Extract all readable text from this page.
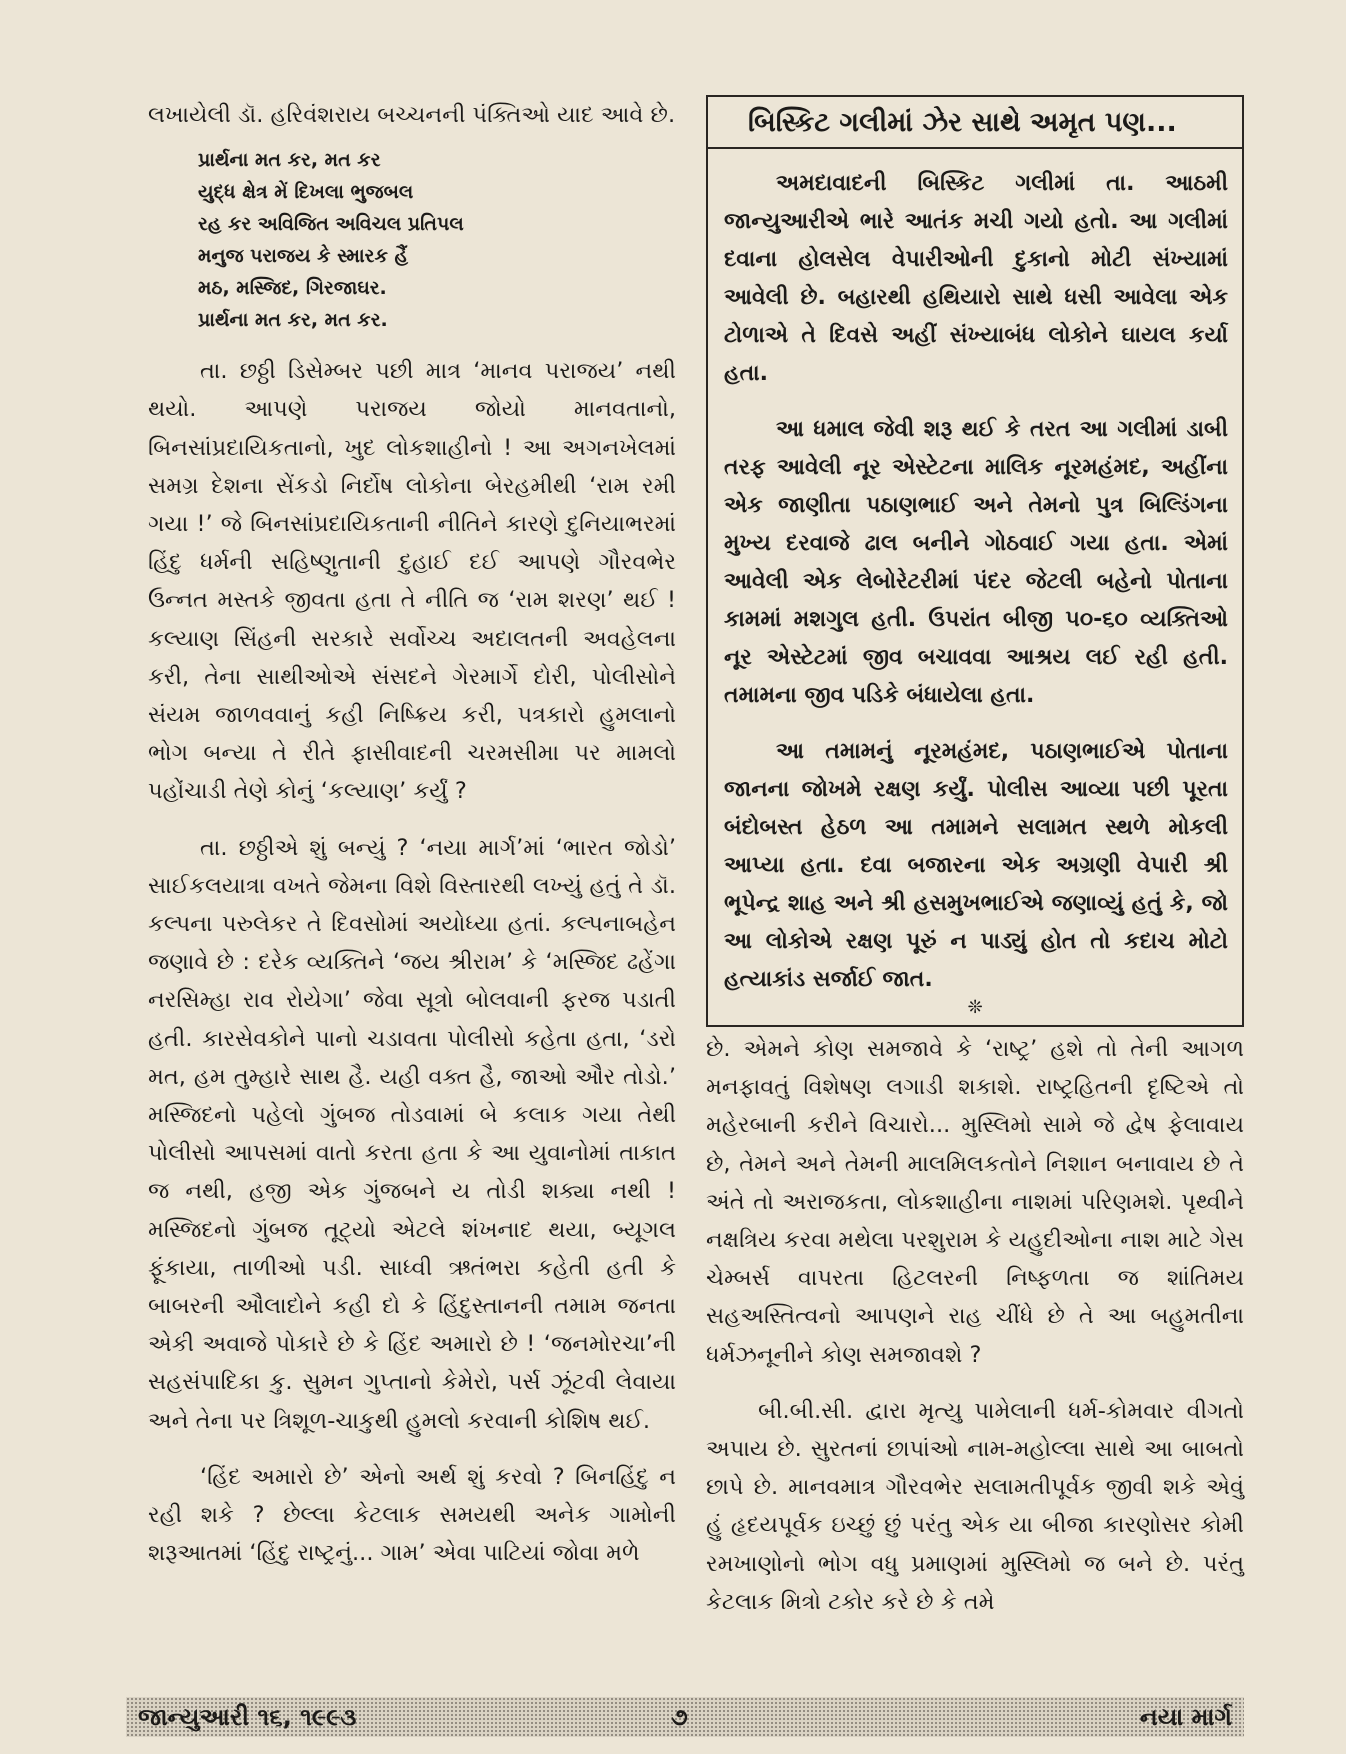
લખાયેલી ડૉ. હરિવંશરાય બચ્ચનની પંક્તિઓ યાદ આવે છે.

પ્રાર્થના મત કર, મત કર
યુદ્ધ ક્ષેત્ર મેં દિખલા ભુજબલ
રહ કર અવિજિત અવિચલ પ્રતિપલ
મનુજ પરાજય કે સ્મારક હૈં
મઠ, મસ્જિદ, ગિરજાઘર.
પ્રાર્થના મત કર, મત કર.

તા. છઠ્ઠી ડિસેમ્બર પછી માત્ર ‘માનવ પરાજય’ નથી થયો. આપણે પરાજય જોયો માનવતાનો, બિનસાંપ્રદાયિકતાનો, ખુદ લોકશાહીનો ! આ અગનખેલમાં સમગ્ર દેશના સેંકડો નિર્દોષ લોકોના બેરહમીથી ‘રામ રમી ગયા !’ જે બિનસાંપ્રદાયિકતાની નીતિને કારણે દુનિયાભરમાં હિંદુ ધર્મની સહિષ્ણુતાની દુહાઈ દઈ આપણે ગૌરવભેર ઉન્નત મસ્તકે જીવતા હતા તે નીતિ જ ‘રામ શરણ’ થઈ ! કલ્યાણ સિંહની સરકારે સર્વોચ્ચ અદાલતની અવહેલના કરી, તેના સાથીઓએ સંસદને ગેરમાર્ગે દોરી, પોલીસોને સંયમ જાળવવાનું કહી નિષ્ક્રિય કરી, પત્રકારો હુમલાનો ભોગ બન્યા તે રીતે ફાસીવાદની ચરમસીમા પર મામલો પહોંચાડી તેણે કોનું ‘કલ્યાણ’ કર્યું ?

તા. છઠ્ઠીએ શું બન્યું ? ‘નયા માર્ગ’માં ‘ભારત જોડો’ સાઈકલયાત્રા વખતે જેમના વિશે વિસ્તારથી લખ્યું હતું તે ડૉ. કલ્પના પરુલેકર તે દિવસોમાં અયોધ્યા હતાં. કલ્પનાબહેન જણાવે છે : દરેક વ્યક્તિને ‘જય શ્રીરામ’ કે ‘મસ્જિદ ઢહેંગા નરસિમ્હા રાવ રોયેગા’ જેવા સૂત્રો બોલવાની ફરજ પડાતી હતી. કારસેવકોને પાનો ચડાવતા પોલીસો કહેતા હતા, ‘ડરો મત, હમ તુમ્હારે સાથ હૈ. યહી વક્ત હૈ, જાઓ ઔર તોડો.’ મસ્જિદનો પહેલો ગુંબજ તોડવામાં બે કલાક ગયા તેથી પોલીસો આપસમાં વાતો કરતા હતા કે આ યુવાનોમાં તાકાત જ નથી, હજી એક ગુંજબને ય તોડી શક્યા નથી ! મસ્જિદનો ગુંબજ તૂટ્યો એટલે શંખનાદ થયા, બ્યૂગલ ફૂંકાયા, તાળીઓ પડી. સાધ્વી ઋતંભરા કહેતી હતી કે બાબરની ઔલાદોને કહી દો કે હિંદુસ્તાનની તમામ જનતા એકી અવાજે પોકારે છે કે હિંદ અમારો છે ! ‘જનમોરચા’ની સહસંપાદિકા કુ. સુમન ગુપ્તાનો કેમેરો, પર્સ ઝૂંટવી લેવાયા અને તેના પર ત્રિશૂળ-ચાકુથી હુમલો કરવાની કોશિષ થઈ.

‘હિંદ અમારો છે’ એનો અર્થ શું કરવો ? બિનહિંદુ ન રહી શકે ? છેલ્લા કેટલાક સમયથી અનેક ગામોની શરૂઆતમાં ‘હિંદુ રાષ્ટ્રનું... ગામ’ એવા પાટિયાં જોવા મળે

બિસ્કિટ ગલીમાં ઝેર સાથે અમૃત પણ...

અમદાવાદની બિસ્કિટ ગલીમાં તા. આઠમી જાન્યુઆરીએ ભારે આતંક મચી ગયો હતો. આ ગલીમાં દવાના હોલસેલ વેપારીઓની દુકાનો મોટી સંખ્યામાં આવેલી છે. બહારથી હથિયારો સાથે ધસી આવેલા એક ટોળાએ તે દિવસે અહીં સંખ્યાબંધ લોકોને ઘાયલ કર્યા હતા.

આ ધમાલ જેવી શરૂ થઈ કે તરત આ ગલીમાં ડાબી તરફ આવેલી નૂર એસ્ટેટના માલિક નૂરમહંમદ, અહીંના એક જાણીતા પઠાણભાઈ અને તેમનો પુત્ર બિલ્ડિંગના મુખ્ય દરવાજે ઢાલ બનીને ગોઠવાઈ ગયા હતા. એમાં આવેલી એક લેબોરેટરીમાં પંદર જેટલી બહેનો પોતાના કામમાં મશગુલ હતી. ઉપરાંત બીજી ૫૦-૬૦ વ્યક્તિઓ નૂર એસ્ટેટમાં જીવ બચાવવા આશ્રય લઈ રહી હતી. તમામના જીવ પડિકે બંધાયેલા હતા.

આ તમામનું નૂરમહંમદ, પઠાણભાઈએ પોતાના જાનના જોખમે રક્ષણ કર્યું. પોલીસ આવ્યા પછી પૂરતા બંદોબસ્ત હેઠળ આ તમામને સલામત સ્થળે મોકલી આપ્યા હતા. દવા બજારના એક અગ્રણી વેપારી શ્રી ભૂપેન્દ્ર શાહ અને શ્રી હસમુખભાઈએ જણાવ્યું હતું કે, જો આ લોકોએ રક્ષણ પૂરું ન પાડ્યું હોત તો કદાચ મોટો હત્યાકાંડ સર્જાઈ જાત.

❊

છે. એમને કોણ સમજાવે કે ‘રાષ્ટ્ર’ હશે તો તેની આગળ મનફાવતું વિશેષણ લગાડી શકાશે. રાષ્ટ્રહિતની દૃષ્ટિએ તો મહેરબાની કરીને વિચારો... મુસ્લિમો સામે જે દ્વેષ ફેલાવાય છે, તેમને અને તેમની માલમિલકતોને નિશાન બનાવાય છે તે અંતે તો અરાજકતા, લોકશાહીના નાશમાં પરિણમશે. પૃથ્વીને નક્ષત્રિય કરવા મથેલા પરશુરામ કે યહુદીઓના નાશ માટે ગેસ ચેમ્બર્સ વાપરતા હિટલરની નિષ્ફળતા જ શાંતિમય સહઅસ્તિત્વનો આપણને રાહ ચીંધે છે તે આ બહુમતીના ધર્મઝનૂનીને કોણ સમજાવશે ?

બી.બી.સી. દ્વારા મૃત્યુ પામેલાની ધર્મ-કોમવાર વીગતો અપાય છે. સુરતનાં છાપાંઓ નામ-મહોલ્લા સાથે આ બાબતો છાપે છે. માનવમાત્ર ગૌરવભેર સલામતીપૂર્વક જીવી શકે એવું હું હૃદયપૂર્વક ઇચ્છું છું પરંતુ એક યા બીજા કારણોસર કોમી રમખાણોનો ભોગ વધુ પ્રમાણમાં મુસ્લિમો જ બને છે. પરંતુ કેટલાક મિત્રો ટકોર કરે છે કે તમે

જાન્યુઆરી ૧૬, ૧૯૯૩	૭	નયા માર્ગ
